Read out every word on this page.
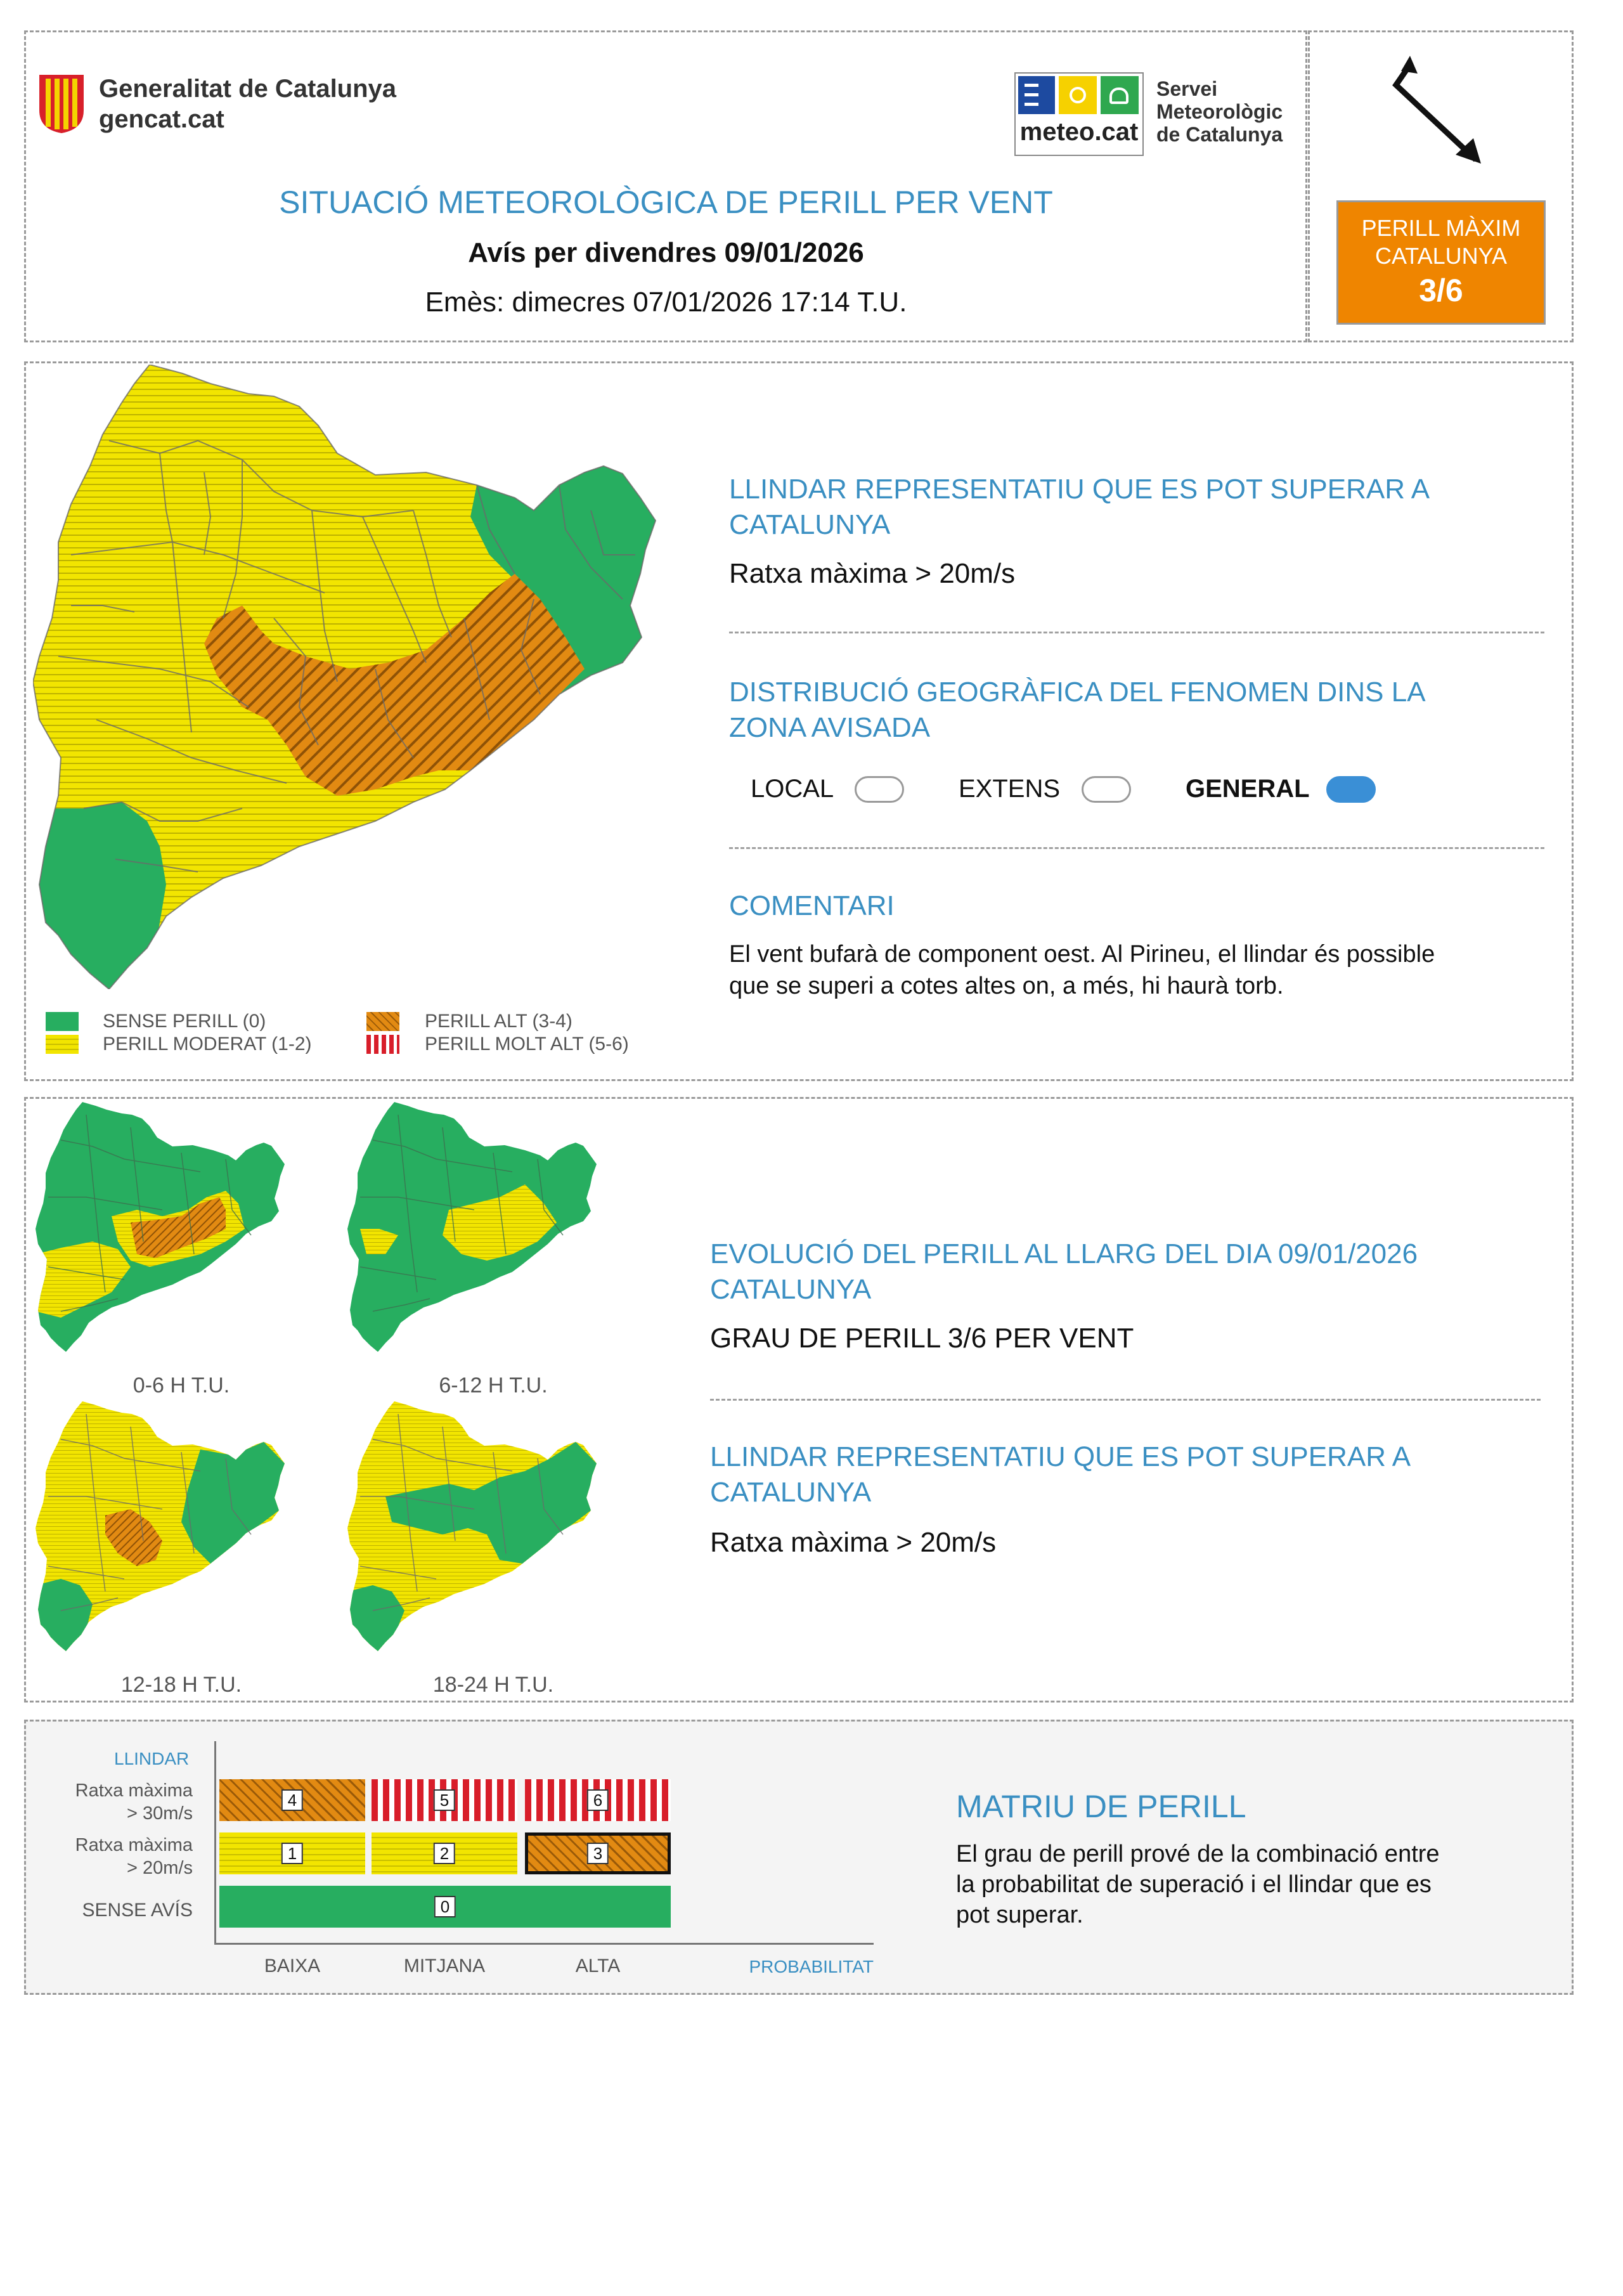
Generalitat de Catalunya
gencat.cat	meteo.cat
Servei
Meteorològic
de Catalunya
SITUACIÓ METEOROLÒGICA DE PERILL PER VENT
Avís per divendres 09/01/2026
Emès: dimecres 07/01/2026 17:14 T.U.
PERILL MÀXIM
CATALUNYA
3/6
SENSE PERILL (0)
PERILL MODERAT (1-2)
PERILL ALT (3-4)
PERILL MOLT ALT (5-6)
LLINDAR REPRESENTATIU QUE ES POT SUPERAR A
CATALUNYA
Ratxa màxima > 20m/s
DISTRIBUCIÓ GEOGRÀFICA DEL FENOMEN DINS LA
ZONA AVISADA
LOCAL	EXTENS	GENERAL
COMENTARI
El vent bufarà de component oest. Al Pirineu, el llindar és possible
que se superi a cotes altes on, a més, hi haurà torb.
0-6 H T.U.	6-12 H T.U.
12-18 H T.U.	18-24 H T.U.
EVOLUCIÓ DEL PERILL AL LLARG DEL DIA 09/01/2026
CATALUNYA
GRAU DE PERILL 3/6 PER VENT
LLINDAR REPRESENTATIU QUE ES POT SUPERAR A
CATALUNYA
Ratxa màxima > 20m/s
LLINDAR
Ratxa màxima
> 30m/s
Ratxa màxima
> 20m/s
SENSE AVÍS
4	5	6
1	2	3
0
BAIXA	MITJANA	ALTA	PROBABILITAT
MATRIU DE PERILL
El grau de perill prové de la combinació entre
la probabilitat de superació i el llindar que es
pot superar.
